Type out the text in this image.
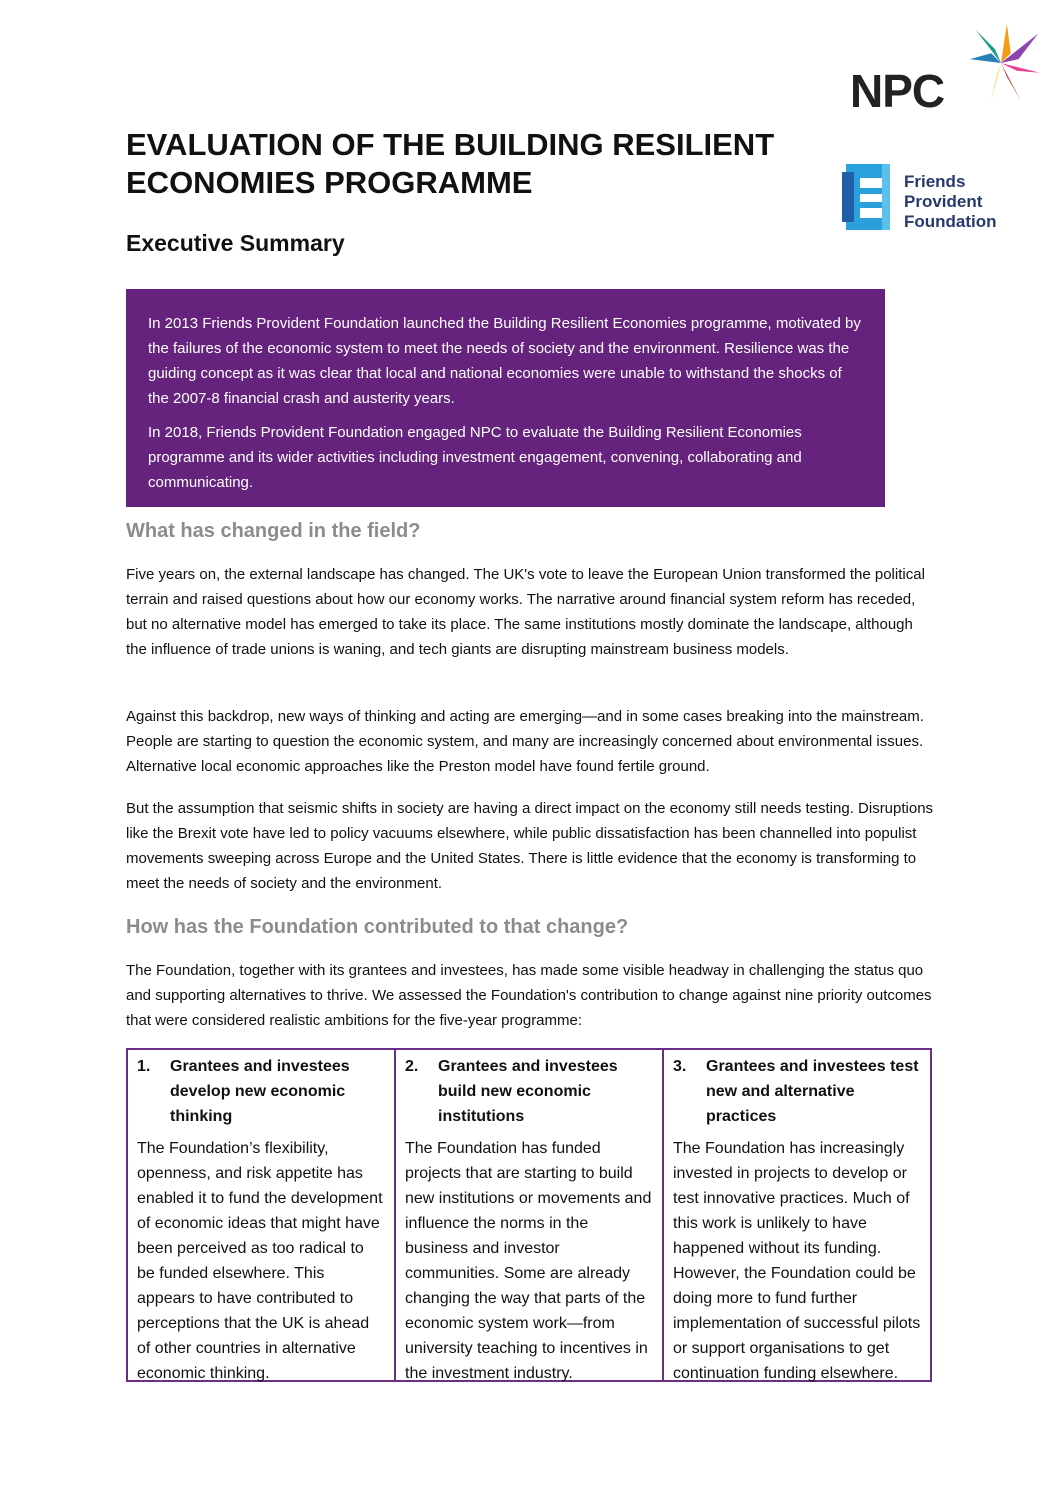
NPC
Friends
Provident
Foundation
EVALUATION OF THE BUILDING RESILIENT ECONOMIES PROGRAMME
Executive Summary

In 2013 Friends Provident Foundation launched the Building Resilient Economies programme, motivated by the failures of the economic system to meet the needs of society and the environment. Resilience was the guiding concept as it was clear that local and national economies were unable to withstand the shocks of the 2007-8 financial crash and austerity years.

In 2018, Friends Provident Foundation engaged NPC to evaluate the Building Resilient Economies programme and its wider activities including investment engagement, convening, collaborating and communicating.

What has changed in the field?

Five years on, the external landscape has changed. The UK's vote to leave the European Union transformed the political terrain and raised questions about how our economy works. The narrative around financial system reform has receded, but no alternative model has emerged to take its place. The same institutions mostly dominate the landscape, although the influence of trade unions is waning, and tech giants are disrupting mainstream business models.

Against this backdrop, new ways of thinking and acting are emerging—and in some cases breaking into the mainstream. People are starting to question the economic system, and many are increasingly concerned about environmental issues. Alternative local economic approaches like the Preston model have found fertile ground.

But the assumption that seismic shifts in society are having a direct impact on the economy still needs testing. Disruptions like the Brexit vote have led to policy vacuums elsewhere, while public dissatisfaction has been channelled into populist movements sweeping across Europe and the United States. There is little evidence that the economy is transforming to meet the needs of society and the environment.

How has the Foundation contributed to that change?

The Foundation, together with its grantees and investees, has made some visible headway in challenging the status quo and supporting alternatives to thrive. We assessed the Foundation's contribution to change against nine priority outcomes that were considered realistic ambitions for the five-year programme:

1.	Grantees and investees develop new economic thinking
The Foundation’s flexibility, openness, and risk appetite has enabled it to fund the development of economic ideas that might have been perceived as too radical to be funded elsewhere. This appears to have contributed to perceptions that the UK is ahead of other countries in alternative economic thinking.
2.	Grantees and investees build new economic institutions
The Foundation has funded projects that are starting to build new institutions or movements and influence the norms in the business and investor communities. Some are already changing the way that parts of the economic system work—from university teaching to incentives in the investment industry.
3.	Grantees and investees test new and alternative practices
The Foundation has increasingly invested in projects to develop or test innovative practices. Much of this work is unlikely to have happened without its funding. However, the Foundation could be doing more to fund further implementation of successful pilots or support organisations to get continuation funding elsewhere.
